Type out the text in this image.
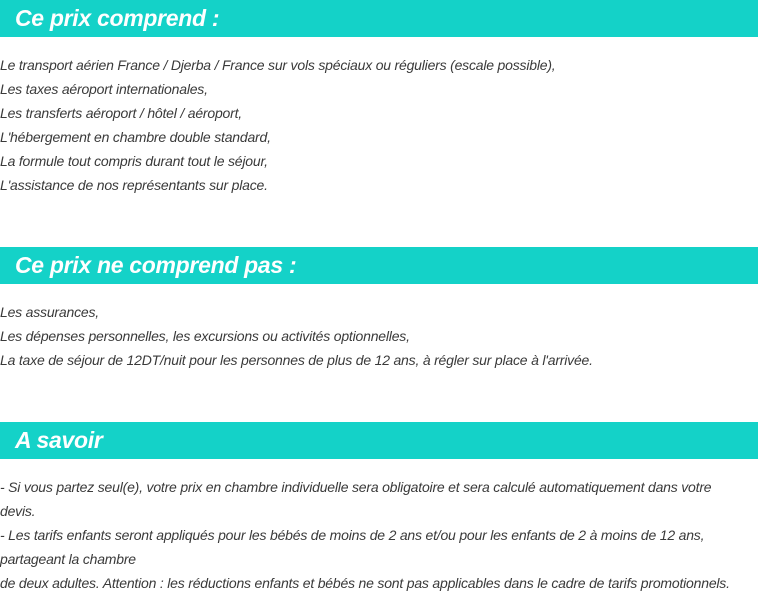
Ce prix comprend :
Le transport aérien France / Djerba / France sur vols spéciaux ou réguliers (escale possible),
Les taxes aéroport internationales,
Les transferts aéroport / hôtel / aéroport,
L'hébergement en chambre double standard,
La formule tout compris durant tout le séjour,
L'assistance de nos représentants sur place.
Ce prix ne comprend pas :
Les assurances,
Les dépenses personnelles, les excursions ou activités optionnelles,
La taxe de séjour de 12DT/nuit pour les personnes de plus de 12 ans, à régler sur place à l'arrivée.
A savoir
- Si vous partez seul(e), votre prix en chambre individuelle sera obligatoire et sera calculé automatiquement dans votre
devis.
- Les tarifs enfants seront appliqués pour les bébés de moins de 2 ans et/ou pour les enfants de 2 à moins de 12 ans,
partageant la chambre
de deux adultes. Attention : les réductions enfants et bébés ne sont pas applicables dans le cadre de tarifs promotionnels.
